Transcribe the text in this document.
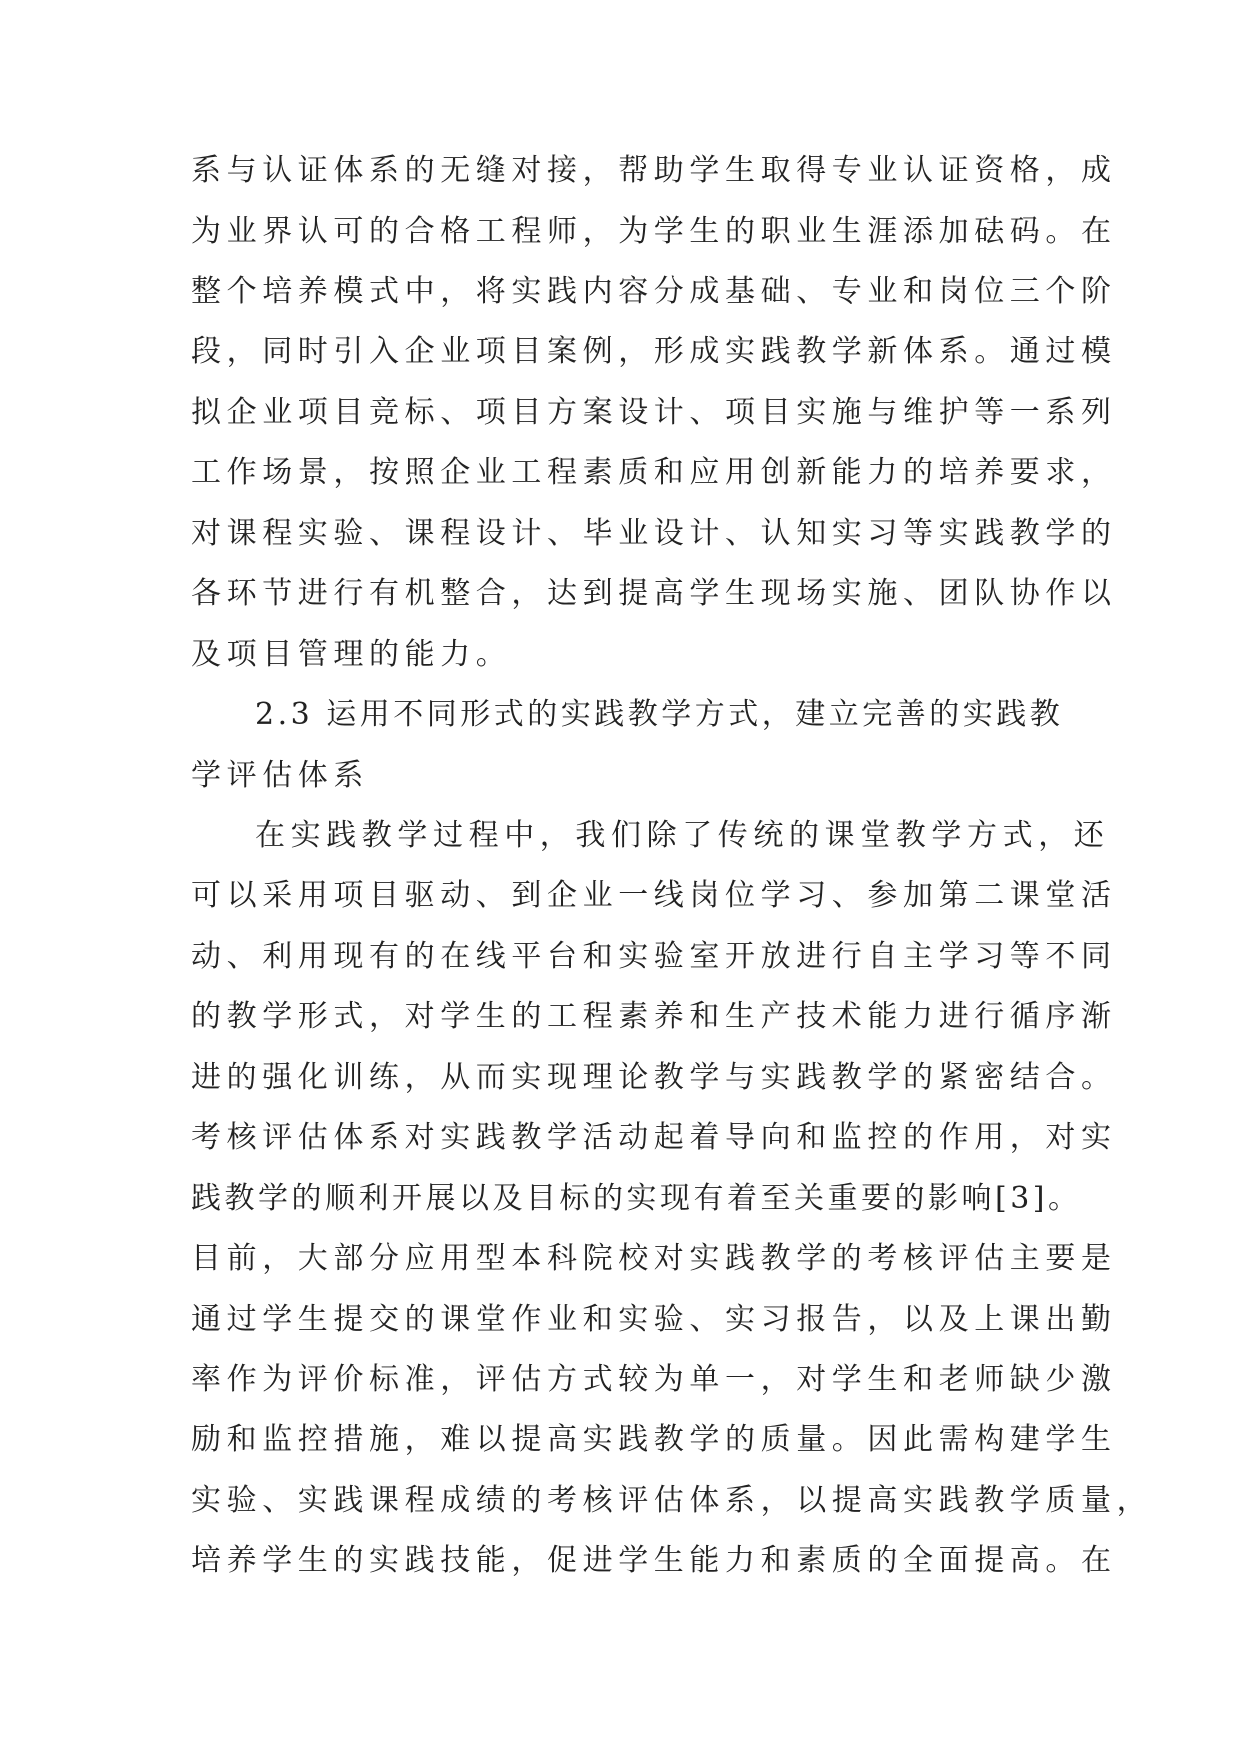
系与认证体系的无缝对接，帮助学生取得专业认证资格，成
为业界认可的合格工程师，为学生的职业生涯添加砝码。在
整个培养模式中，将实践内容分成基础、专业和岗位三个阶
段，同时引入企业项目案例，形成实践教学新体系。通过模
拟企业项目竞标、项目方案设计、项目实施与维护等一系列
工作场景，按照企业工程素质和应用创新能力的培养要求，
对课程实验、课程设计、毕业设计、认知实习等实践教学的
各环节进行有机整合，达到提高学生现场实施、团队协作以
及项目管理的能力。
2.3 运用不同形式的实践教学方式，建立完善的实践教
学评估体系
在实践教学过程中，我们除了传统的课堂教学方式，还
可以采用项目驱动、到企业一线岗位学习、参加第二课堂活
动、利用现有的在线平台和实验室开放进行自主学习等不同
的教学形式，对学生的工程素养和生产技术能力进行循序渐
进的强化训练，从而实现理论教学与实践教学的紧密结合。
考核评估体系对实践教学活动起着导向和监控的作用，对实
践教学的顺利开展以及目标的实现有着至关重要的影响[3]。
目前，大部分应用型本科院校对实践教学的考核评估主要是
通过学生提交的课堂作业和实验、实习报告，以及上课出勤
率作为评价标准，评估方式较为单一，对学生和老师缺少激
励和监控措施，难以提高实践教学的质量。因此需构建学生
实验、实践课程成绩的考核评估体系，以提高实践教学质量，
培养学生的实践技能，促进学生能力和素质的全面提高。在
